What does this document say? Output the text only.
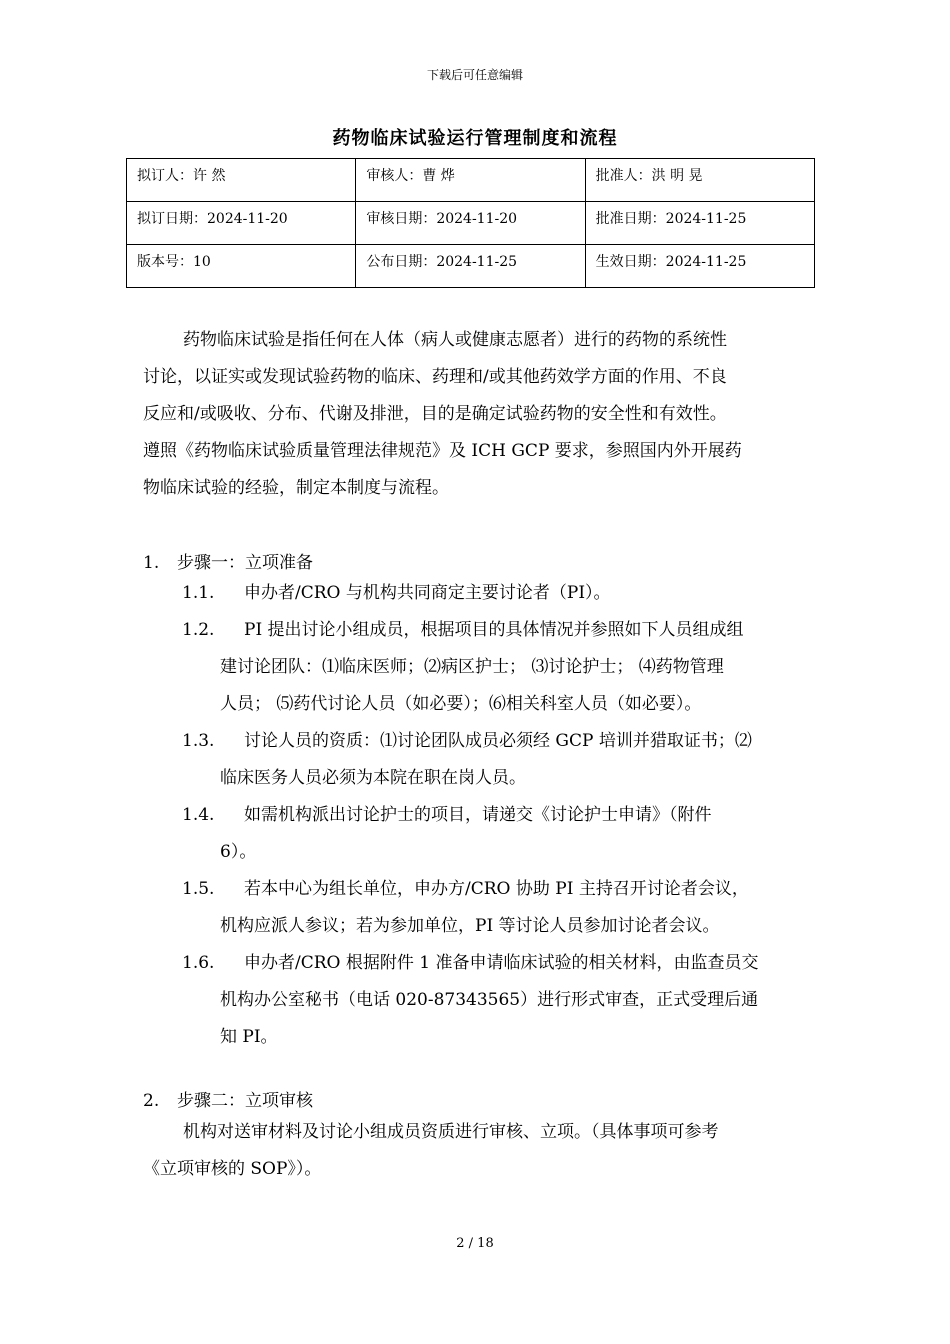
下载后可任意编辑
药物临床试验运行管理制度和流程
拟订人：许 然	审核人：曹 烨	批准人：洪 明 晃
拟订日期：2024-11-20	审核日期：2024-11-20	批准日期：2024-11-25
版本号：10	公布日期：2024-11-25	生效日期：2024-11-25
药物临床试验是指任何在人体（病人或健康志愿者）进行的药物的系统性
讨论，以证实或发现试验药物的临床、药理和/或其他药效学方面的作用、不良
反应和/或吸收、分布、代谢及排泄，目的是确定试验药物的安全性和有效性。
遵照《药物临床试验质量管理法律规范》及 ICH GCP 要求，参照国内外开展药
物临床试验的经验，制定本制度与流程。
1. 步骤一：立项准备
1.1.	申办者/CRO 与机构共同商定主要讨论者（PI）。
1.2.	PI 提出讨论小组成员，根据项目的具体情况并参照如下人员组成组
建讨论团队：⑴临床医师；⑵病区护士； ⑶讨论护士； ⑷药物管理
人员； ⑸药代讨论人员（如必要）；⑹相关科室人员（如必要）。
1.3.	讨论人员的资质：⑴讨论团队成员必须经 GCP 培训并猎取证书；⑵
临床医务人员必须为本院在职在岗人员。
1.4.	如需机构派出讨论护士的项目，请递交《讨论护士申请》（附件
6）。
1.5.	若本中心为组长单位，申办方/CRO 协助 PI 主持召开讨论者会议，
机构应派人参议；若为参加单位，PI 等讨论人员参加讨论者会议。
1.6.	申办者/CRO 根据附件 1 准备申请临床试验的相关材料，由监查员交
机构办公室秘书（电话 020-87343565）进行形式审查，正式受理后通
知 PI。
2. 步骤二：立项审核
机构对送审材料及讨论小组成员资质进行审核、立项。（具体事项可参考
《立项审核的 SOP》）。
2 / 18
